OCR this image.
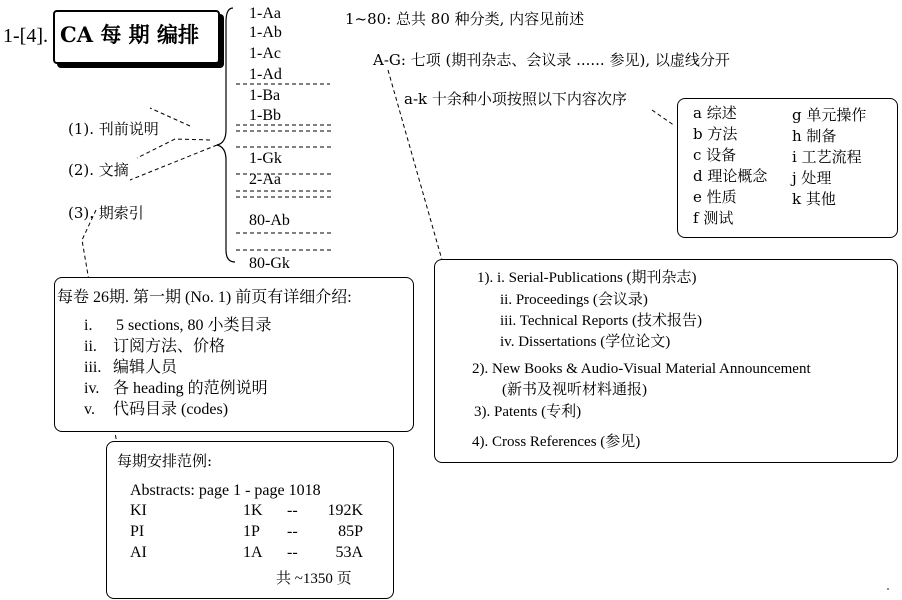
1-[4]. CA 每 期 编排
1-Aa
1-Ab
1-Ac
1-Ad
1-Ba
1-Bb
1-Gk
2-Aa
80-Ab
80-Gk
1~80: 总共 80 种分类, 内容见前述
A-G: 七项 (期刊杂志、会议录 ...... 参见), 以虚线分开
a-k 十余种小项按照以下内容次序
(1). 刊前说明
(2). 文摘
(3). 期索引
a 综述
b 方法
c 设备
d 理论概念
e 性质
f 测试
g 单元操作
h 制备
i 工艺流程
j 处理
k 其他
1). i. Serial-Publications (期刊杂志)
ii. Proceedings (会议录)
iii. Technical Reports (技术报告)
iv. Dissertations (学位论文)
2). New Books & Audio-Visual Material Announcement
(新书及视听材料通报)
3). Patents (专利)
4). Cross References (参见)
每卷 26期. 第一期 (No. 1) 前页有详细介绍:
i. 5 sections, 80 小类目录
ii. 订阅方法、价格
iii. 编辑人员
iv. 各 heading 的范例说明
v. 代码目录 (codes)
每期安排范例:
Abstracts: page 1 - page 1018
KI	1K -- 192K
PI	1P --	85P
AI	1A -- 53A
共 ~1350 页
